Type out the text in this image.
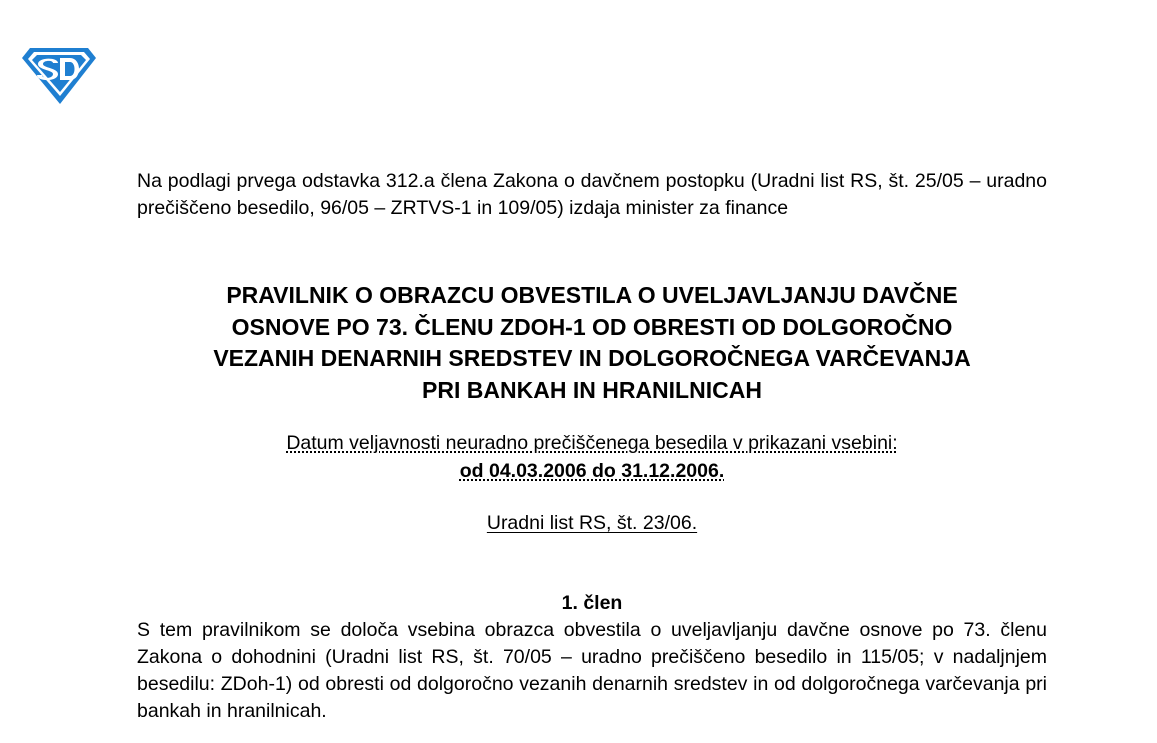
Na podlagi prvega odstavka 312.a člena Zakona o davčnem postopku (Uradni list RS, št. 25/05 – uradno prečiščeno besedilo, 96/05 – ZRTVS-1 in 109/05) izdaja minister za finance

PRAVILNIK O OBRAZCU OBVESTILA O UVELJAVLJANJU DAVČNE
OSNOVE PO 73. ČLENU ZDOH-1 OD OBRESTI OD DOLGOROČNO
VEZANIH DENARNIH SREDSTEV IN DOLGOROČNEGA VARČEVANJA
PRI BANKAH IN HRANILNICAH
Datum veljavnosti neuradno prečiščenega besedila v prikazani vsebini:
od 04.03.2006 do 31.12.2006.
Uradni list RS, št. 23/06.
1. člen

S tem pravilnikom se določa vsebina obrazca obvestila o uveljavljanju davčne osnove po 73. členu Zakona o dohodnini (Uradni list RS, št. 70/05 – uradno prečiščeno besedilo in 115/05; v nadaljnjem besedilu: ZDoh-1) od obresti od dolgoročno vezanih denarnih sredstev in od dolgoročnega varčevanja pri bankah in hranilnicah.
